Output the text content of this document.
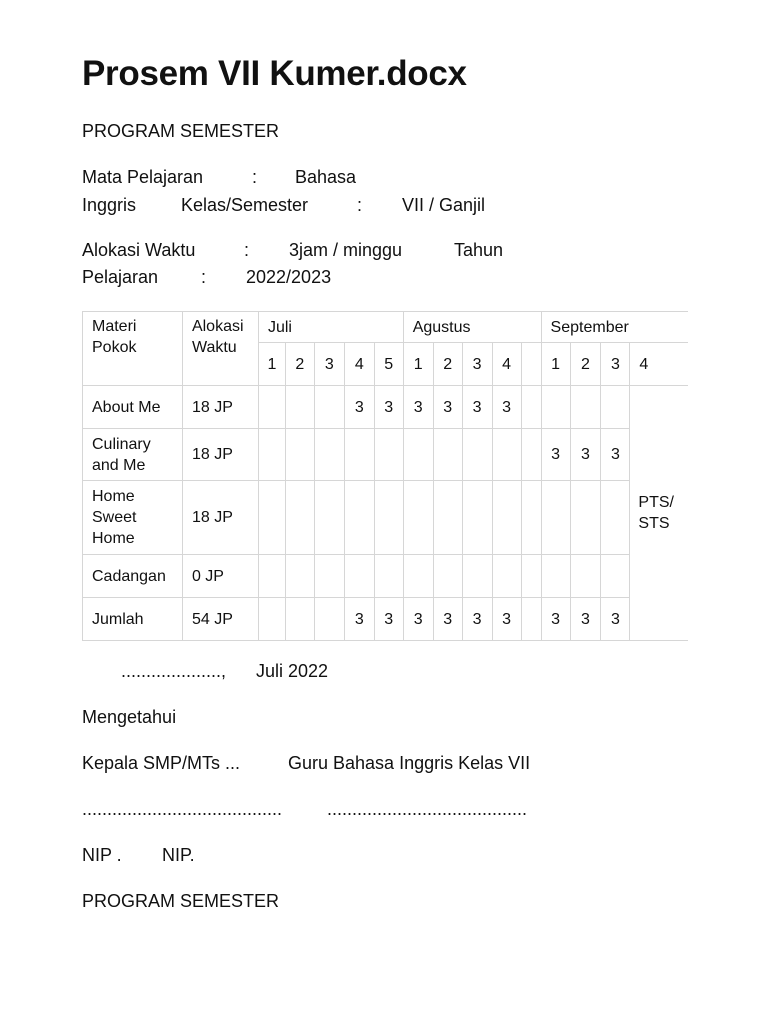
Prosem VII Kumer.docx
PROGRAM SEMESTER
Mata Pelajaran	: Bahasa
Inggris Kelas/Semester	: VII / Ganjil
Alokasi Waktu	: 3jam / minggu	Tahun
Pelajaran : 2022/2023
Materi Pokok	Alokasi Waktu	Juli					Agustus					September			
		1	2	3	4	5	1	2	3	4		1	2	3	4
About Me	18 JP				3	3	3	3	3	3					PTS/ STS

Culinary and Me	18 JP											3	3	3	

Home Sweet Home	18 JP														
Cadangan	0 JP														
Jumlah	54 JP				3	3	3	3	3	3		3	3	3	
...................., Juli 2022
Mengetahui
Kepala SMP/MTs ...	Guru Bahasa Inggris Kelas VII
........................................ ........................................
NIP . NIP.
PROGRAM SEMESTER
